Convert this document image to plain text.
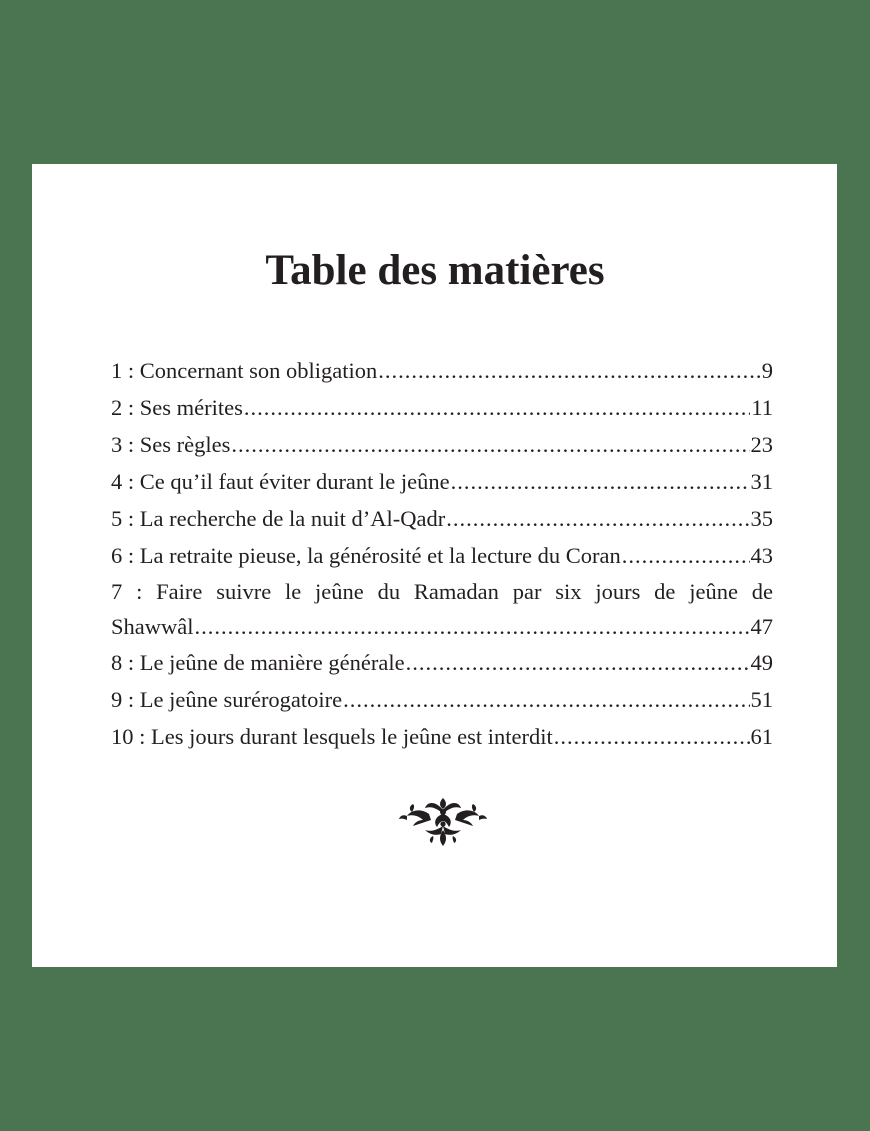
Table des matières
1 : Concernant son obligation .....	9
2 : Ses mérites .....	11
3 : Ses règles .....	23
4 : Ce qu’il faut éviter durant le jeûne .....	31
5 : La recherche de la nuit d’Al-Qadr .....	35
6 : La retraite pieuse, la générosité et la lecture du Coran .....	43
7 : Faire suivre le jeûne du Ramadan par six jours de jeûne de
Shawwâl .....	47
8 : Le jeûne de manière générale .....	49
9 : Le jeûne surérogatoire .....	51
10 : Les jours durant lesquels le jeûne est interdit .....	61
